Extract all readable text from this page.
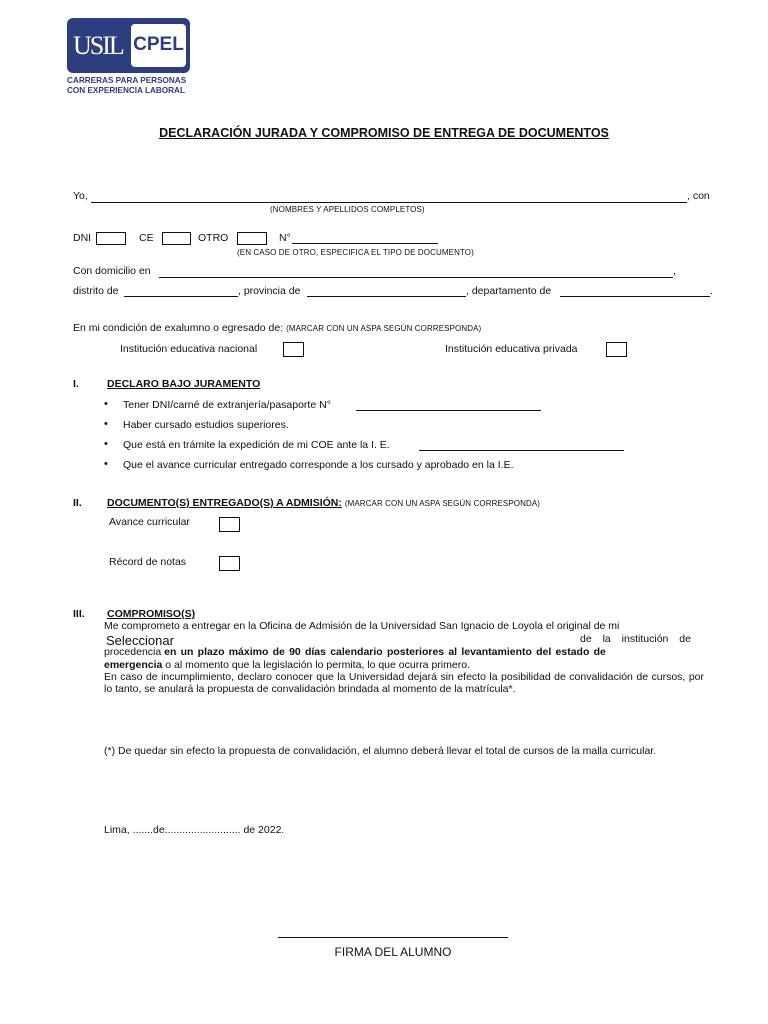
USIL CPEL
CARRERAS PARA PERSONAS
CON EXPERIENCIA LABORAL
DECLARACIÓN JURADA Y COMPROMISO DE ENTREGA DE DOCUMENTOS
Yo,	, con
(NOMBRES Y APELLIDOS COMPLETOS)
DNI	CE	OTRO	N°
(EN CASO DE OTRO, ESPECIFICA EL TIPO DE DOCUMENTO)
Con domicilio en	,
distrito de	, provincia de	, departamento de	.
En mi condición de exalumno o egresado de: (MARCAR CON UN ASPA SEGÚN CORRESPONDA)
Institución educativa nacional	Institución educativa privada
I.	DECLARO BAJO JURAMENTO
• Tener DNI/carné de extranjería/pasaporte N°
• Haber cursado estudios superiores.
• Que está en trámite la expedición de mi COE ante la I. E.
• Que el avance curricular entregado corresponde a los cursado y aprobado en la I.E.
II. DOCUMENTO(S) ENTREGADO(S) A ADMISIÓN: (MARCAR CON UN ASPA SEGÚN CORRESPONDA)
Avance curricular
Récord de notas
III. COMPROMISO(S)
Me comprometo a entregar en la Oficina de Admisión de la Universidad San Ignacio de Loyola el original de mi
Seleccionar	de la institución de
procedencia en un plazo máximo de 90 días calendario posteriores al levantamiento del estado de
emergencia o al momento que la legislación lo permita, lo que ocurra primero.
En caso de incumplimiento, declaro conocer que la Universidad dejará sin efecto la posibilidad de convalidación de cursos, por lo tanto, se anulará la propuesta de convalidación brindada al momento de la matrícula*.
(*) De quedar sin efecto la propuesta de convalidación, el alumno deberá llevar el total de cursos de la malla curricular.
Lima, .......de.......................... de 2022.
FIRMA DEL ALUMNO
